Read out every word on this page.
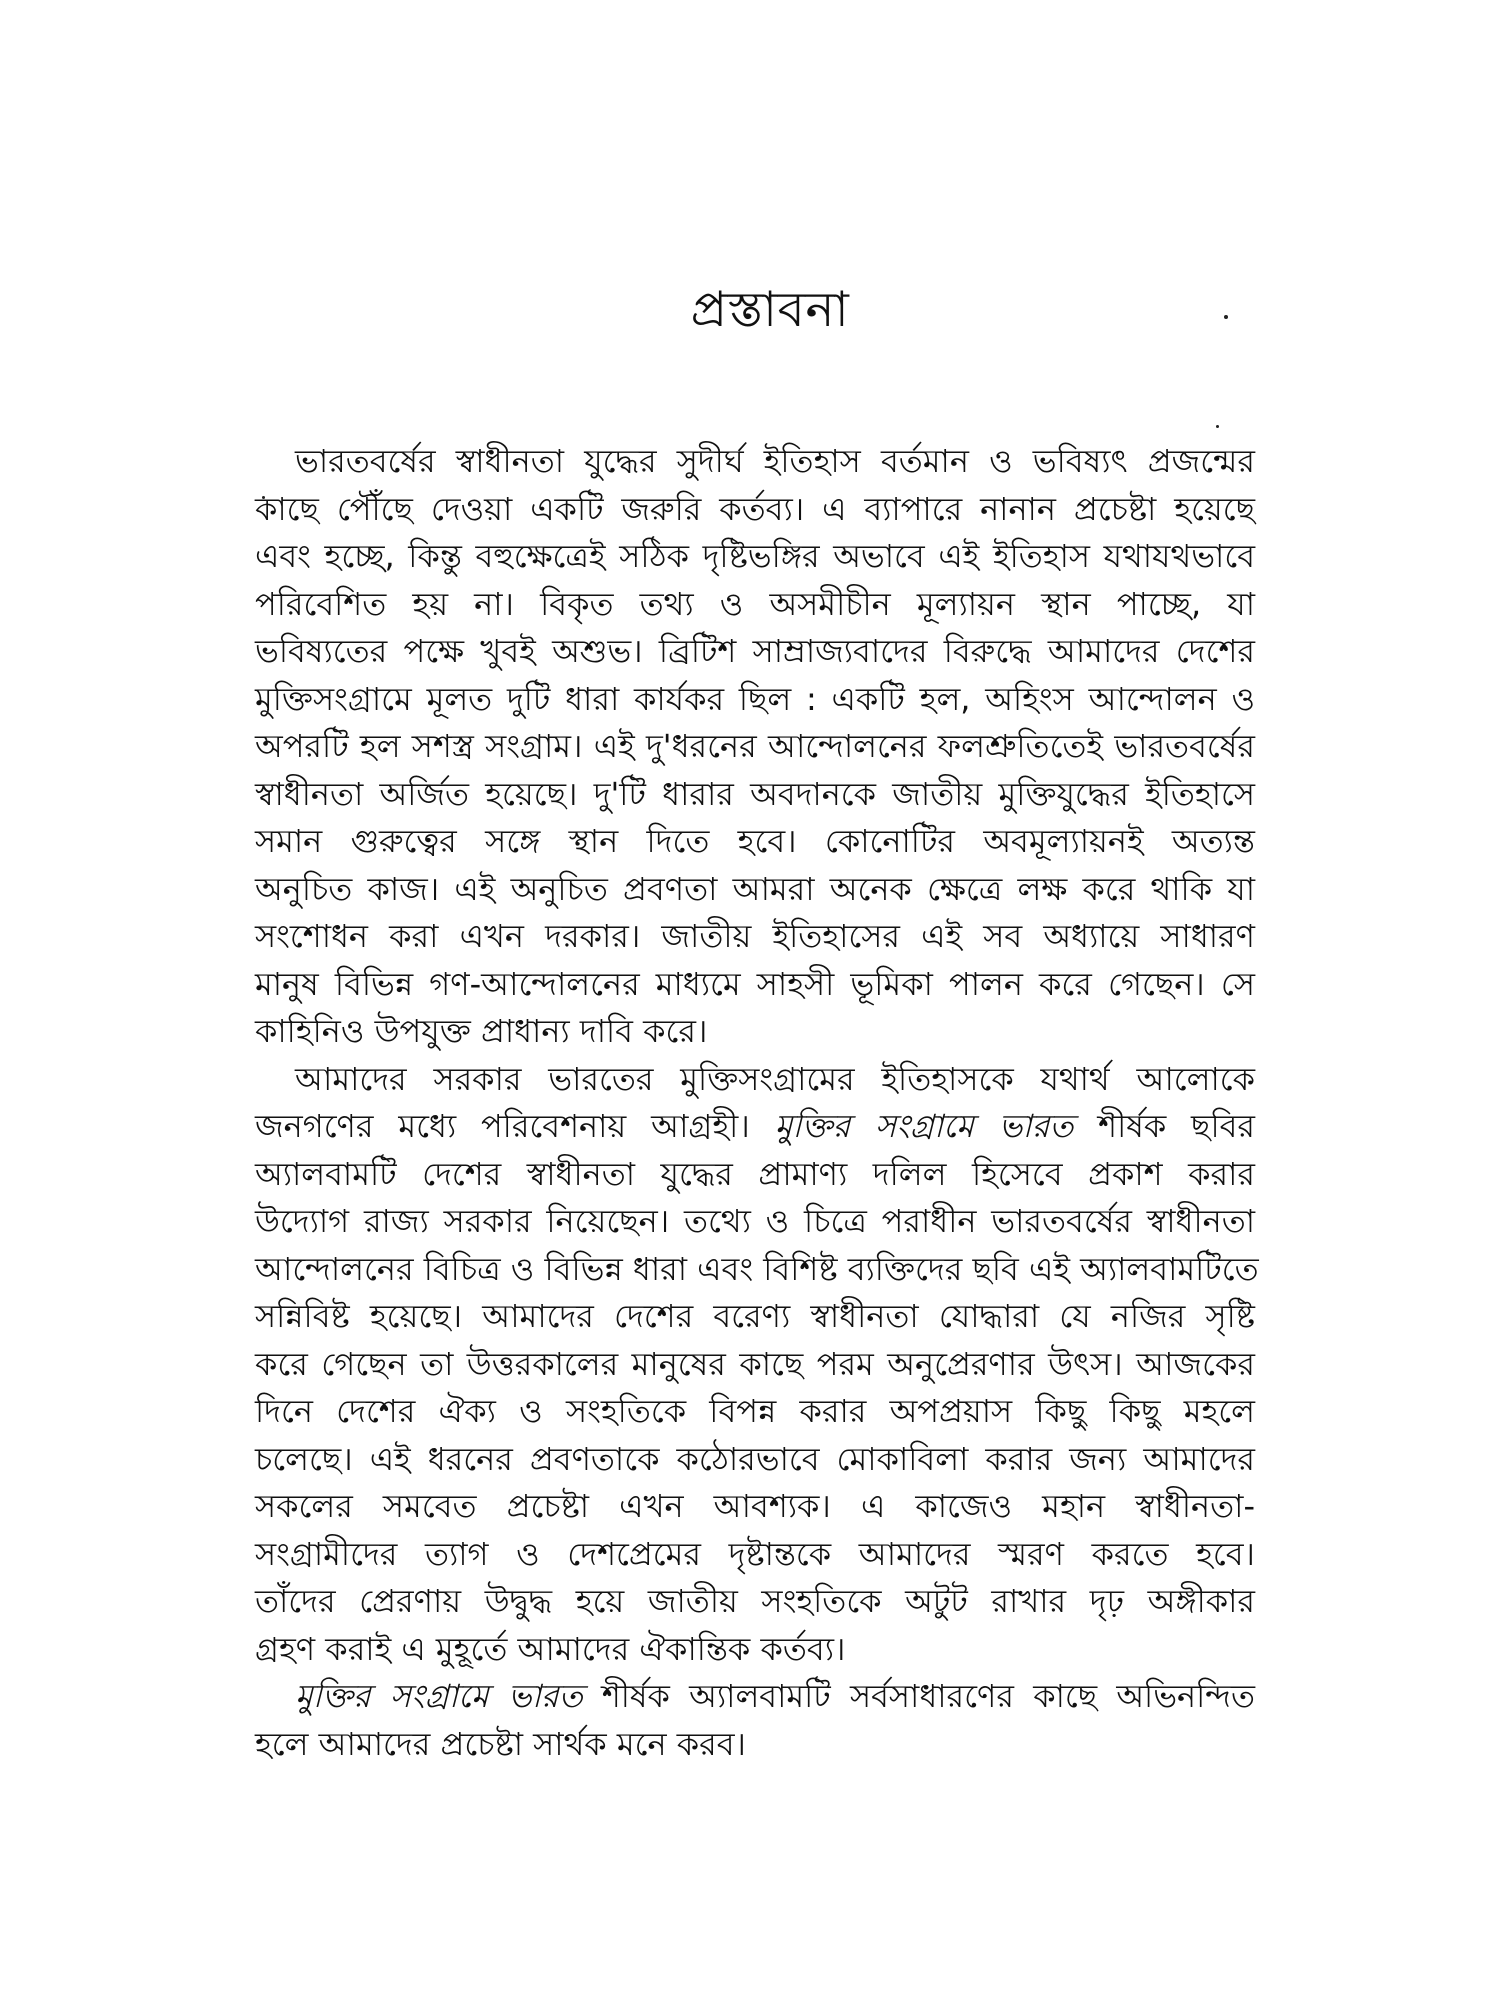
প্রস্তাবনা
ভারতবর্ষের স্বাধীনতা যুদ্ধের সুদীর্ঘ ইতিহাস বর্তমান ও ভবিষ্যৎ প্রজন্মের
কাছে পৌঁছে দেওয়া একটি জরুরি কর্তব্য। এ ব্যাপারে নানান প্রচেষ্টা হয়েছে
এবং হচ্ছে, কিন্তু বহুক্ষেত্রেই সঠিক দৃষ্টিভঙ্গির অভাবে এই ইতিহাস যথাযথভাবে
পরিবেশিত হয় না। বিকৃত তথ্য ও অসমীচীন মূল্যায়ন স্থান পাচ্ছে, যা
ভবিষ্যতের পক্ষে খুবই অশুভ। ব্রিটিশ সাম্রাজ্যবাদের বিরুদ্ধে আমাদের দেশের
মুক্তিসংগ্রামে মূলত দুটি ধারা কার্যকর ছিল : একটি হল, অহিংস আন্দোলন ও
অপরটি হল সশস্ত্র সংগ্রাম। এই দু'ধরনের আন্দোলনের ফলশ্রুতিতেই ভারতবর্ষের
স্বাধীনতা অর্জিত হয়েছে। দু'টি ধারার অবদানকে জাতীয় মুক্তিযুদ্ধের ইতিহাসে
সমান গুরুত্বের সঙ্গে স্থান দিতে হবে। কোনোটির অবমূল্যায়নই অত্যন্ত
অনুচিত কাজ। এই অনুচিত প্রবণতা আমরা অনেক ক্ষেত্রে লক্ষ করে থাকি যা
সংশোধন করা এখন দরকার। জাতীয় ইতিহাসের এই সব অধ্যায়ে সাধারণ
মানুষ বিভিন্ন গণ-আন্দোলনের মাধ্যমে সাহসী ভূমিকা পালন করে গেছেন। সে
কাহিনিও উপযুক্ত প্রাধান্য দাবি করে।
আমাদের সরকার ভারতের মুক্তিসংগ্রামের ইতিহাসকে যথার্থ আলোকে
জনগণের মধ্যে পরিবেশনায় আগ্রহী। মুক্তির সংগ্রামে ভারত শীর্ষক ছবির
অ্যালবামটি দেশের স্বাধীনতা যুদ্ধের প্রামাণ্য দলিল হিসেবে প্রকাশ করার
উদ্যোগ রাজ্য সরকার নিয়েছেন। তথ্যে ও চিত্রে পরাধীন ভারতবর্ষের স্বাধীনতা
আন্দোলনের বিচিত্র ও বিভিন্ন ধারা এবং বিশিষ্ট ব্যক্তিদের ছবি এই অ্যালবামটিতে
সন্নিবিষ্ট হয়েছে। আমাদের দেশের বরেণ্য স্বাধীনতা যোদ্ধারা যে নজির সৃষ্টি
করে গেছেন তা উত্তরকালের মানুষের কাছে পরম অনুপ্রেরণার উৎস। আজকের
দিনে দেশের ঐক্য ও সংহতিকে বিপন্ন করার অপপ্রয়াস কিছু কিছু মহলে
চলেছে। এই ধরনের প্রবণতাকে কঠোরভাবে মোকাবিলা করার জন্য আমাদের
সকলের সমবেত প্রচেষ্টা এখন আবশ্যক। এ কাজেও মহান স্বাধীনতা-
সংগ্রামীদের ত্যাগ ও দেশপ্রেমের দৃষ্টান্তকে আমাদের স্মরণ করতে হবে।
তাঁদের প্রেরণায় উদ্বুদ্ধ হয়ে জাতীয় সংহতিকে অটুট রাখার দৃঢ় অঙ্গীকার
গ্রহণ করাই এ মুহূর্তে আমাদের ঐকান্তিক কর্তব্য।
মুক্তির সংগ্রামে ভারত শীর্ষক অ্যালবামটি সর্বসাধারণের কাছে অভিনন্দিত
হলে আমাদের প্রচেষ্টা সার্থক মনে করব।
